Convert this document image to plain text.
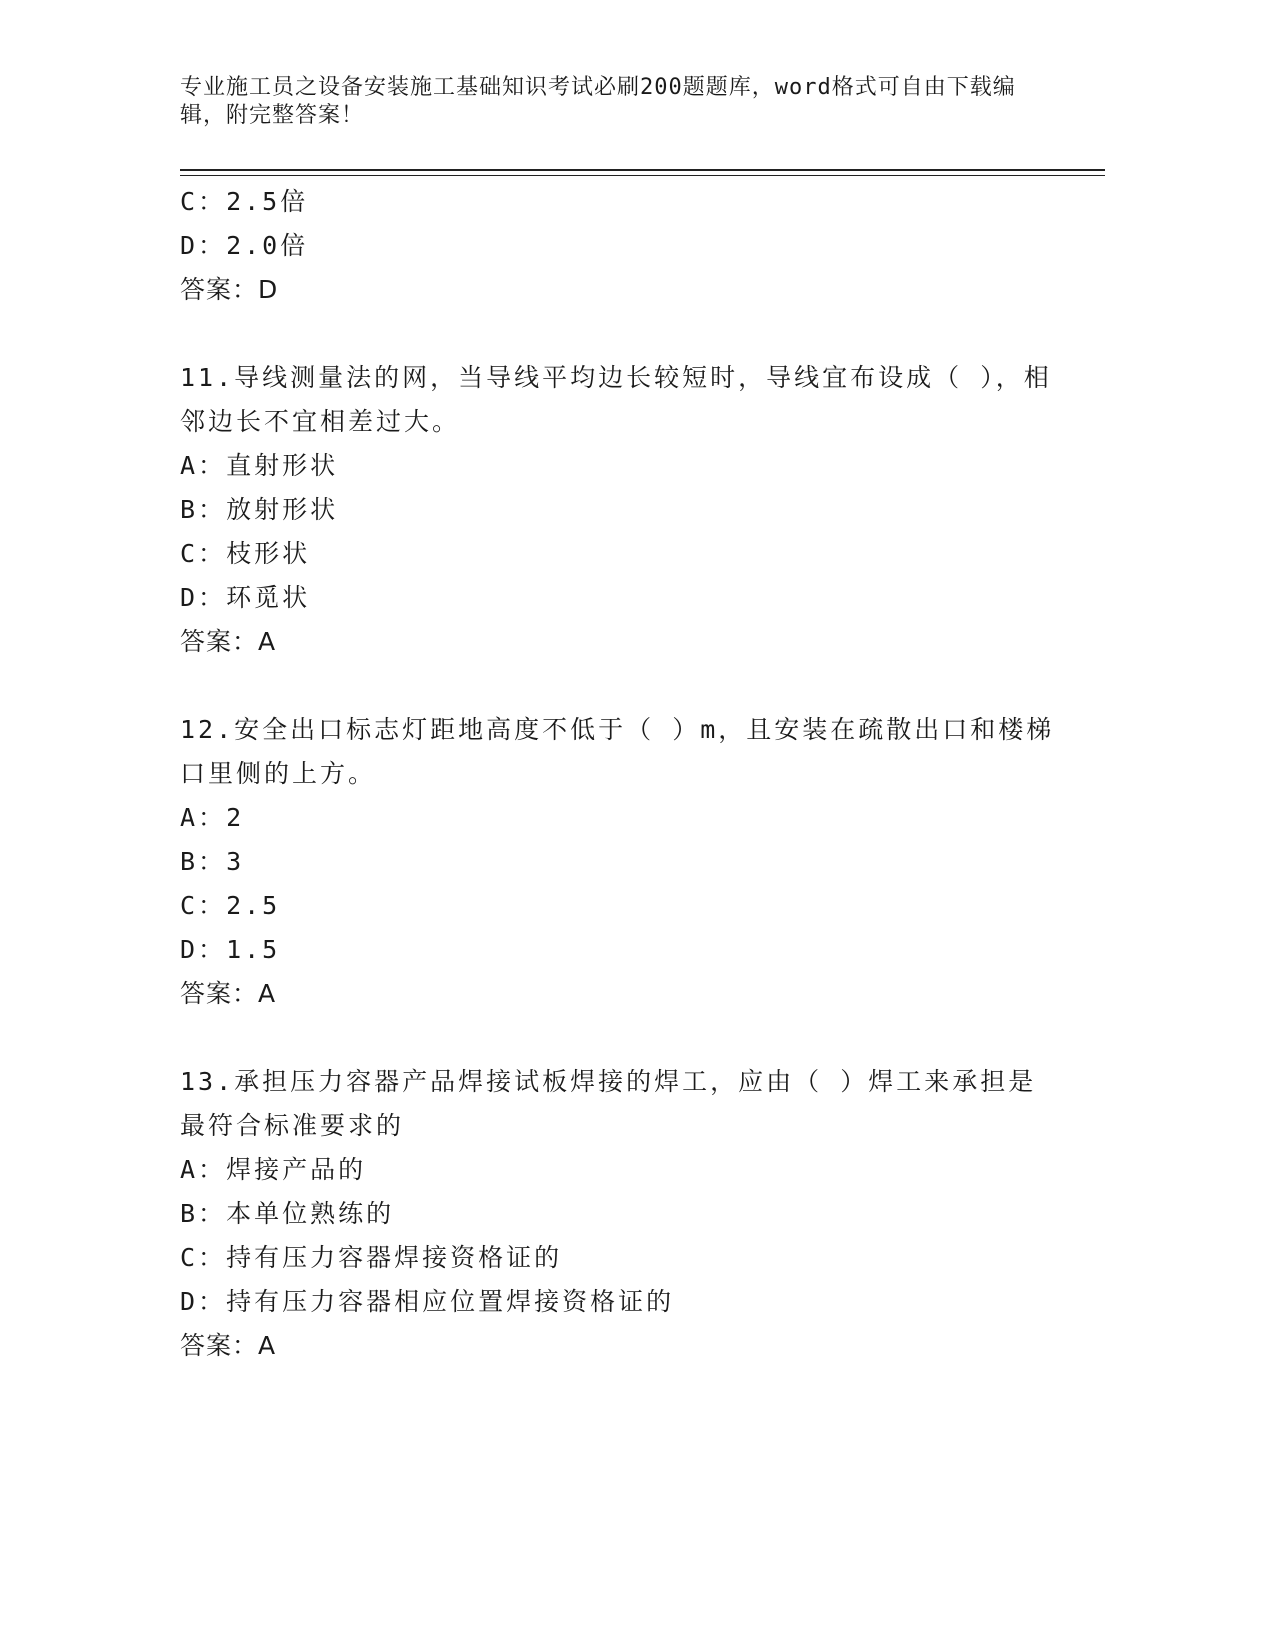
专业施工员之设备安装施工基础知识考试必刷200题题库，word格式可自由下载编辑，附完整答案！
C：2.5倍
D：2.0倍
答案：D
11.导线测量法的网，当导线平均边长较短时，导线宜布设成（ ），相邻边长不宜相差过大。
A：直射形状
B：放射形状
C：枝形状
D：环觅状
答案：A
12.安全出口标志灯距地高度不低于（ ）m，且安装在疏散出口和楼梯口里侧的上方。
A：2
B：3
C：2.5
D：1.5
答案：A
13.承担压力容器产品焊接试板焊接的焊工，应由（ ）焊工来承担是最符合标准要求的
A：焊接产品的
B：本单位熟练的
C：持有压力容器焊接资格证的
D：持有压力容器相应位置焊接资格证的
答案：A
